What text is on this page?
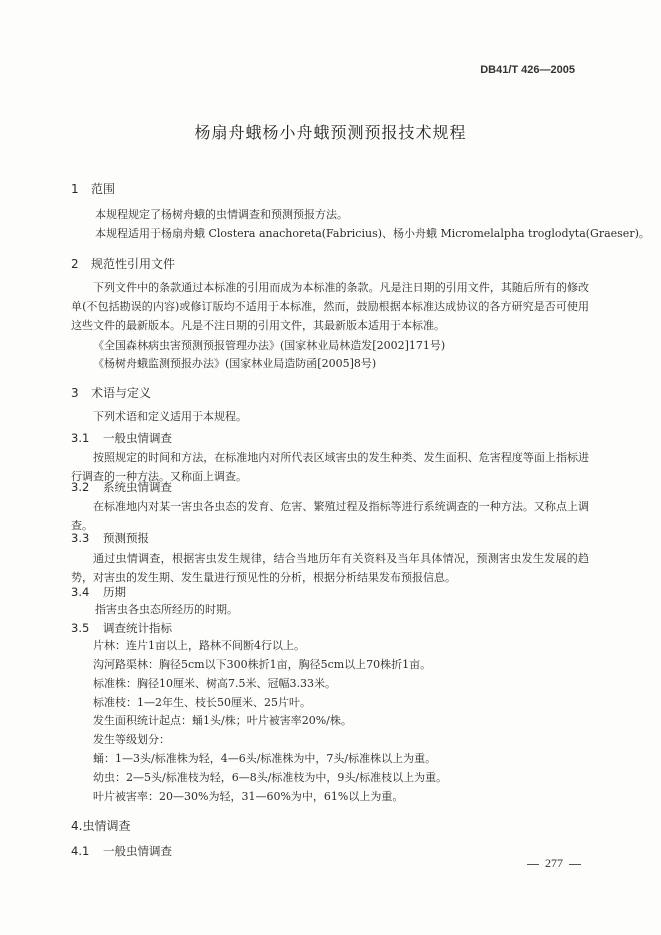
DB41/T 426—2005
杨扇舟蛾杨小舟蛾预测预报技术规程
1 范围
本规程规定了杨树舟蛾的虫情调查和预测预报方法。
本规程适用于杨扇舟蛾 Clostera anachoreta(Fabricius)、杨小舟蛾 Micromelalpha troglodyta(Graeser)。
2 规范性引用文件
下列文件中的条款通过本标准的引用而成为本标准的条款。凡是注日期的引用文件，其随后所有的修改单(不包括勘误的内容)或修订版均不适用于本标准，然而，鼓励根据本标准达成协议的各方研究是否可使用这些文件的最新版本。凡是不注日期的引用文件，其最新版本适用于本标准。
《全国森林病虫害预测预报管理办法》(国家林业局林造发[2002]171号)
《杨树舟蛾监测预报办法》(国家林业局造防函[2005]8号)
3 术语与定义
下列术语和定义适用于本规程。
3.1 一般虫情调查
按照规定的时间和方法，在标准地内对所代表区域害虫的发生种类、发生面积、危害程度等面上指标进行调查的一种方法。又称面上调查。
3.2 系统虫情调查
在标准地内对某一害虫各虫态的发育、危害、繁殖过程及指标等进行系统调查的一种方法。又称点上调查。
3.3 预测预报
通过虫情调查，根据害虫发生规律，结合当地历年有关资料及当年具体情况，预测害虫发生发展的趋势，对害虫的发生期、发生量进行预见性的分析，根据分析结果发布预报信息。
3.4 历期
指害虫各虫态所经历的时期。
3.5 调查统计指标
片林：连片1亩以上，路林不间断4行以上。
沟河路渠林：胸径5cm以下300株折1亩，胸径5cm以上70株折1亩。
标准株：胸径10厘米、树高7.5米、冠幅3.33米。
标准枝：1—2年生、枝长50厘米、25片叶。
发生面积统计起点：蛹1头/株；叶片被害率20%/株。
发生等级划分：
蛹：1—3头/标准株为轻，4—6头/标准株为中，7头/标准株以上为重。
幼虫：2—5头/标准枝为轻，6—8头/标准枝为中，9头/标准枝以上为重。
叶片被害率：20—30%为轻，31—60%为中，61%以上为重。
4.虫情调查
4.1 一般虫情调查
277
